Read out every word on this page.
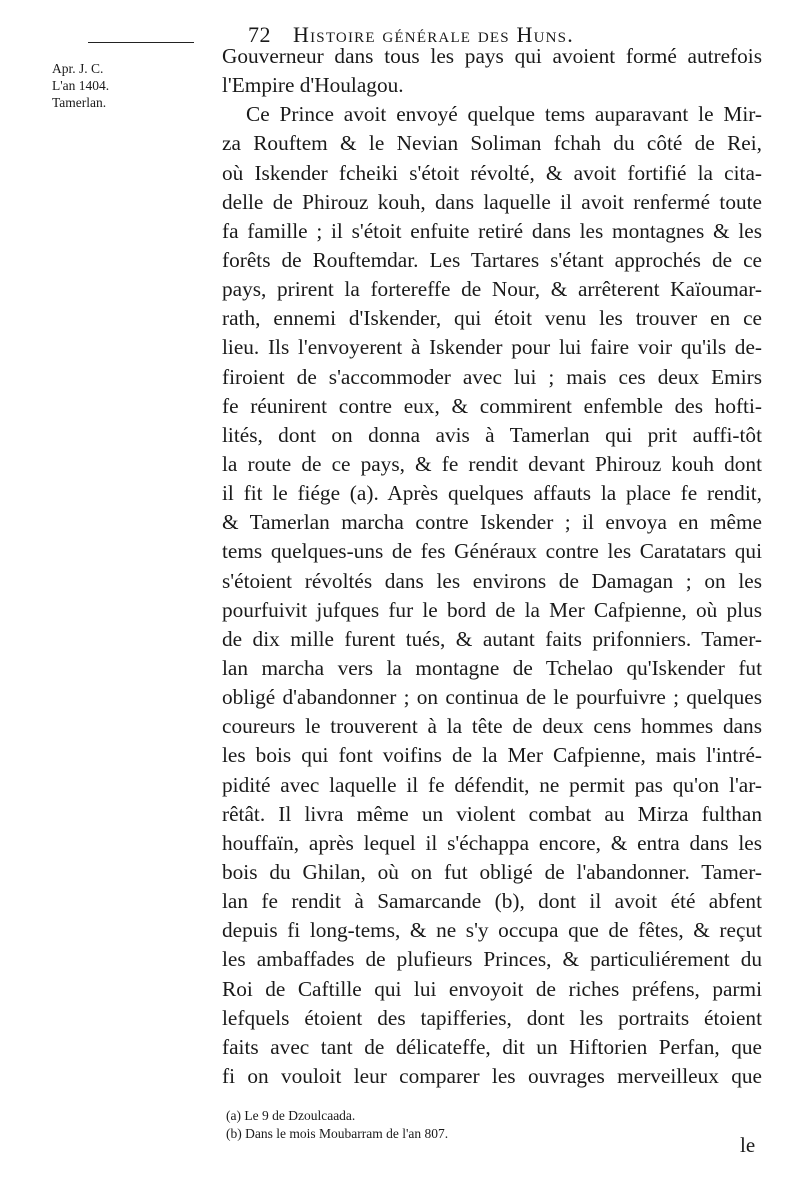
72 Histoire générale des Huns.
Apr. J. C.
L'an 1404.
Tamerlan.
Gouverneur dans tous les pays qui avoient formé autrefois
l'Empire d'Houlagou.
Ce Prince avoit envoyé quelque tems auparavant le Mir-
za Rouftem & le Nevian Soliman fchah du côté de Rei,
où Iskender fcheiki s'étoit révolté, & avoit fortifié la cita-
delle de Phirouz kouh, dans laquelle il avoit renfermé toute
fa famille ; il s'étoit enfuite retiré dans les montagnes & les
forêts de Rouftemdar. Les Tartares s'étant approchés de ce
pays, prirent la fortereffe de Nour, & arrêterent Kaïoumar-
rath, ennemi d'Iskender, qui étoit venu les trouver en ce
lieu. Ils l'envoyerent à Iskender pour lui faire voir qu'ils de-
firoient de s'accommoder avec lui ; mais ces deux Emirs
fe réunirent contre eux, & commirent enfemble des hofti-
lités, dont on donna avis à Tamerlan qui prit auffi-tôt
la route de ce pays, & fe rendit devant Phirouz kouh dont
il fit le fiége (a). Après quelques affauts la place fe rendit,
& Tamerlan marcha contre Iskender ; il envoya en même
tems quelques-uns de fes Généraux contre les Caratatars qui
s'étoient révoltés dans les environs de Damagan ; on les
pourfuivit jufques fur le bord de la Mer Cafpienne, où plus
de dix mille furent tués, & autant faits prifonniers. Tamer-
lan marcha vers la montagne de Tchelao qu'Iskender fut
obligé d'abandonner ; on continua de le pourfuivre ; quelques
coureurs le trouverent à la tête de deux cens hommes dans
les bois qui font voifins de la Mer Cafpienne, mais l'intré-
pidité avec laquelle il fe défendit, ne permit pas qu'on l'ar-
rêtât. Il livra même un violent combat au Mirza fulthan
houffaïn, après lequel il s'échappa encore, & entra dans les
bois du Ghilan, où on fut obligé de l'abandonner. Tamer-
lan fe rendit à Samarcande (b), dont il avoit été abfent
depuis fi long-tems, & ne s'y occupa que de fêtes, & reçut
les ambaffades de plufieurs Princes, & particuliérement du
Roi de Caftille qui lui envoyoit de riches préfens, parmi
lefquels étoient des tapifferies, dont les portraits étoient
faits avec tant de délicateffe, dit un Hiftorien Perfan, que
fi on vouloit leur comparer les ouvrages merveilleux que
(a) Le 9 de Dzoulcaada.
(b) Dans le mois Moubarram de l'an 807.	le
